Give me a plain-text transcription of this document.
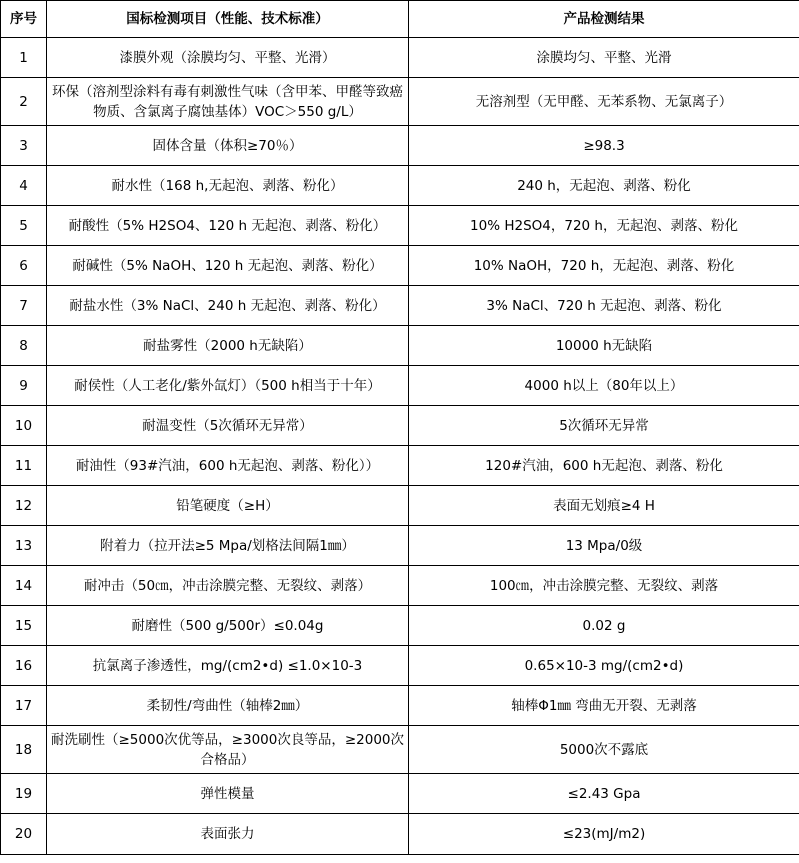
序号	国标检测项目（性能、技术标准）	产品检测结果
1	漆膜外观（涂膜均匀、平整、光滑）	涂膜均匀、平整、光滑
2	环保（溶剂型涂料有毒有刺激性气味（含甲苯、甲醛等致癌物质、含氯离子腐蚀基体）VOC＞550 g/L）	无溶剂型（无甲醛、无苯系物、无氯离子）
3	固体含量（体积≥70％）	≥98.3
4	耐水性（168 h,无起泡、剥落、粉化）	240 h，无起泡、剥落、粉化
5	耐酸性（5% H2SO4、120 h 无起泡、剥落、粉化）	10% H2SO4，720 h，无起泡、剥落、粉化
6	耐碱性（5% NaOH、120 h 无起泡、剥落、粉化）	10% NaOH，720 h，无起泡、剥落、粉化
7	耐盐水性（3% NaCl、240 h 无起泡、剥落、粉化）	3% NaCl、720 h 无起泡、剥落、粉化
8	耐盐雾性（2000 h无缺陷）	10000 h无缺陷
9	耐侯性（人工老化/紫外氙灯）（500 h相当于十年）	4000 h以上（80年以上）
10	耐温变性（5次循环无异常）	5次循环无异常
11	耐油性（93#汽油，600 h无起泡、剥落、粉化））	120#汽油，600 h无起泡、剥落、粉化
12	铅笔硬度（≥H）	表面无划痕≥4 H
13	附着力（拉开法≥5 Mpa/划格法间隔1㎜）	13 Mpa/0级
14	耐冲击（50㎝，冲击涂膜完整、无裂纹、剥落）	100㎝，冲击涂膜完整、无裂纹、剥落
15	耐磨性（500 g/500r）≤0.04g	0.02 g
16	抗氯离子渗透性，mg/(cm2•d) ≤1.0×10-3	0.65×10-3 mg/(cm2•d)
17	柔韧性/弯曲性（轴棒2㎜）	轴棒Φ1㎜ 弯曲无开裂、无剥落
18	耐洗刷性（≥5000次优等品，≥3000次良等品，≥2000次合格品）	5000次不露底
19	弹性模量	≤2.43 Gpa
20	表面张力	≤23(mJ/m2)
